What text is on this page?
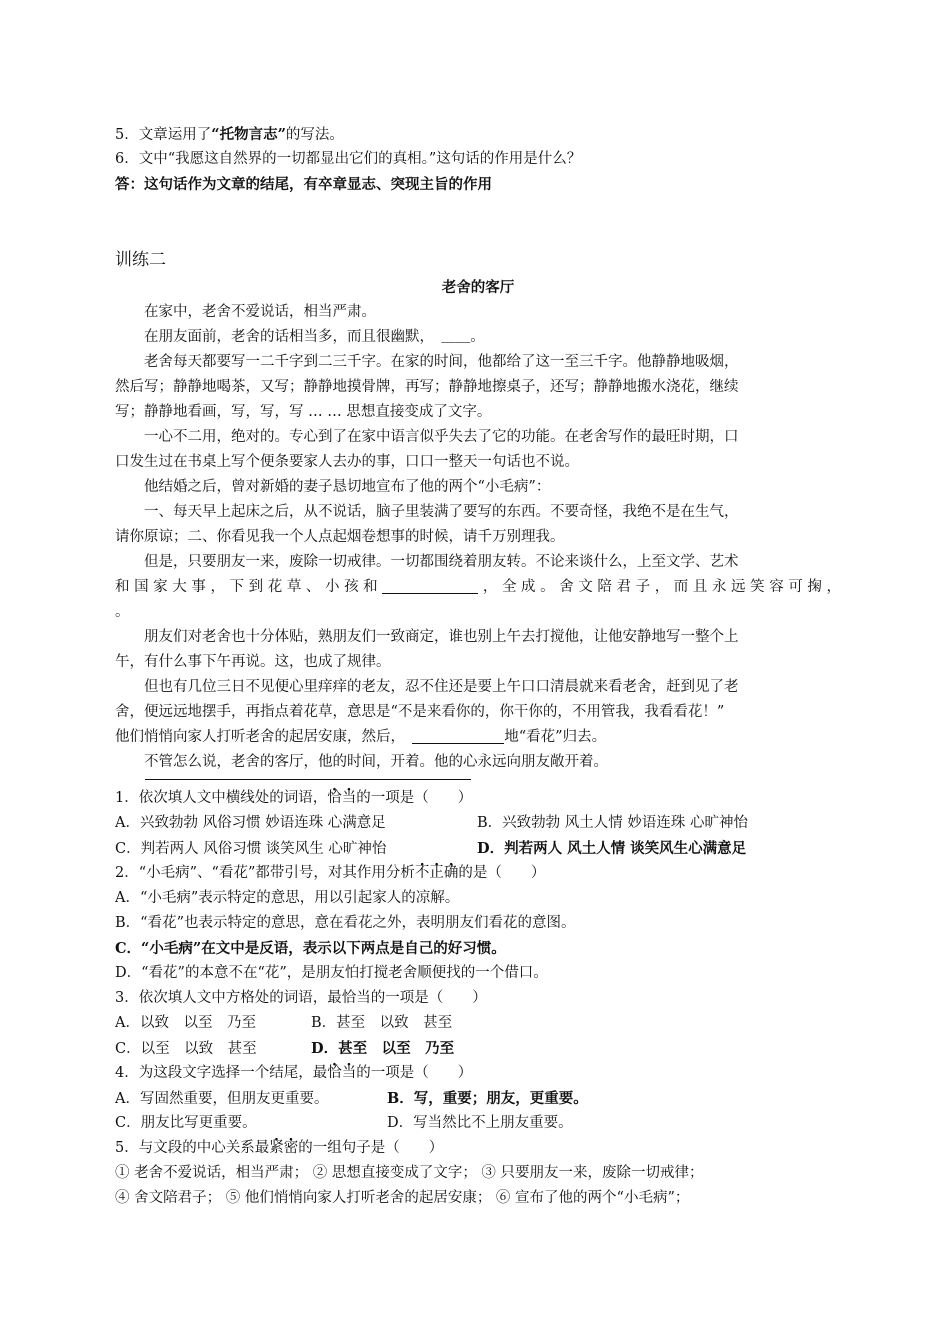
5．文章运用了“托物言志”的写法。
6．文中“我愿这自然界的一切都显出它们的真相。”这句话的作用是什么？
答：这句话作为文章的结尾，有卒章显志、突现主旨的作用
训练二
老舍的客厅
在家中，老舍不爱说话，相当严肃。
在朋友面前，老舍的话相当多，而且很幽默，　 ＿＿。
老舍每天都要写一二千字到二三千字。在家的时间，他都给了这一至三千字。他静静地吸烟，
然后写；静静地喝茶，又写；静静地摸骨牌，再写；静静地擦桌子，还写；静静地搬水浇花，继续
写；静静地看画，写，写，写 … … 思想直接变成了文字。
一心不二用，绝对的。专心到了在家中语言似乎失去了它的功能。在老舍写作的最旺时期，口
口发生过在书桌上写个便条要家人去办的事，口口一整天一句话也不说。
他结婚之后，曾对新婚的妻子恳切地宣布了他的两个“小毛病”：
一、每天早上起床之后，从不说话，脑子里装满了要写的东西。不要奇怪，我绝不是在生气，
请你原谅；二、你看见我一个人点起烟卷想事的时候，请千万别理我。
但是，只要朋友一来，废除一切戒律。一切都围绕着朋友转。不论来谈什么，上至文学、艺术
和国家大事，下到花草、小孩和	，全成。舍文陪君子，而且永远笑容可掬，
。
朋友们对老舍也十分体贴，熟朋友们一致商定，谁也别上午去打搅他，让他安静地写一整个上
午，有什么事下午再说。这，也成了规律。
但也有几位三日不见便心里痒痒的老友，忍不住还是要上午口口清晨就来看老舍，赶到见了老
舍，便远远地摆手，再指点着花草，意思是“不是来看你的，你干你的，不用管我，我看看花！”
他们悄悄向家人打听老舍的起居安康，然后，　	地“看花”归去。
不管怎么说，老舍的客厅，他的时间，开着。他的心永远向朋友敞开着。
1．依次填人文中横线处的词语，恰当的一项是（　　）
A．兴致勃勃 风俗习惯 妙语连珠 心满意足	B．兴致勃勃 风土人情 妙语连珠 心旷神怡
C．判若两人 风俗习惯 谈笑风生 心旷神怡	D．判若两人 风土人情 谈笑风生心满意足
2．“小毛病”、“看花”都带引号，对其作用分析不正确的是（　　）
A．“小毛病”表示特定的意思，用以引起家人的凉解。
B．“看花”也表示特定的意思，意在看花之外，表明朋友们看花的意图。
C．“小毛病”在文中是反语，表示以下两点是自己的好习惯。
D．“看花”的本意不在“花”，是朋友怕打搅老舍顺便找的一个借口。
3．依次填人文中方格处的词语，最恰当的一项是（　　）
A．以致　以至　乃至	B．甚至　以致　甚至
C．以至　以致　甚至	D．甚至　以至　乃至
4．为这段文字选择一个结尾，最恰当的一项是（　　）
A．写固然重要，但朋友更重要。	B．写，重要；朋友，更重要。
C．朋友比写更重要。	D．写当然比不上朋友重要。
5．与文段的中心关系最紧密的一组句子是（　　）
① 老舍不爱说话，相当严肃； ② 思想直接变成了文字； ③ 只要朋友一来，废除一切戒律；
④ 舍文陪君子； ⑤ 他们悄悄向家人打听老舍的起居安康； ⑥ 宣布了他的两个“小毛病”；
